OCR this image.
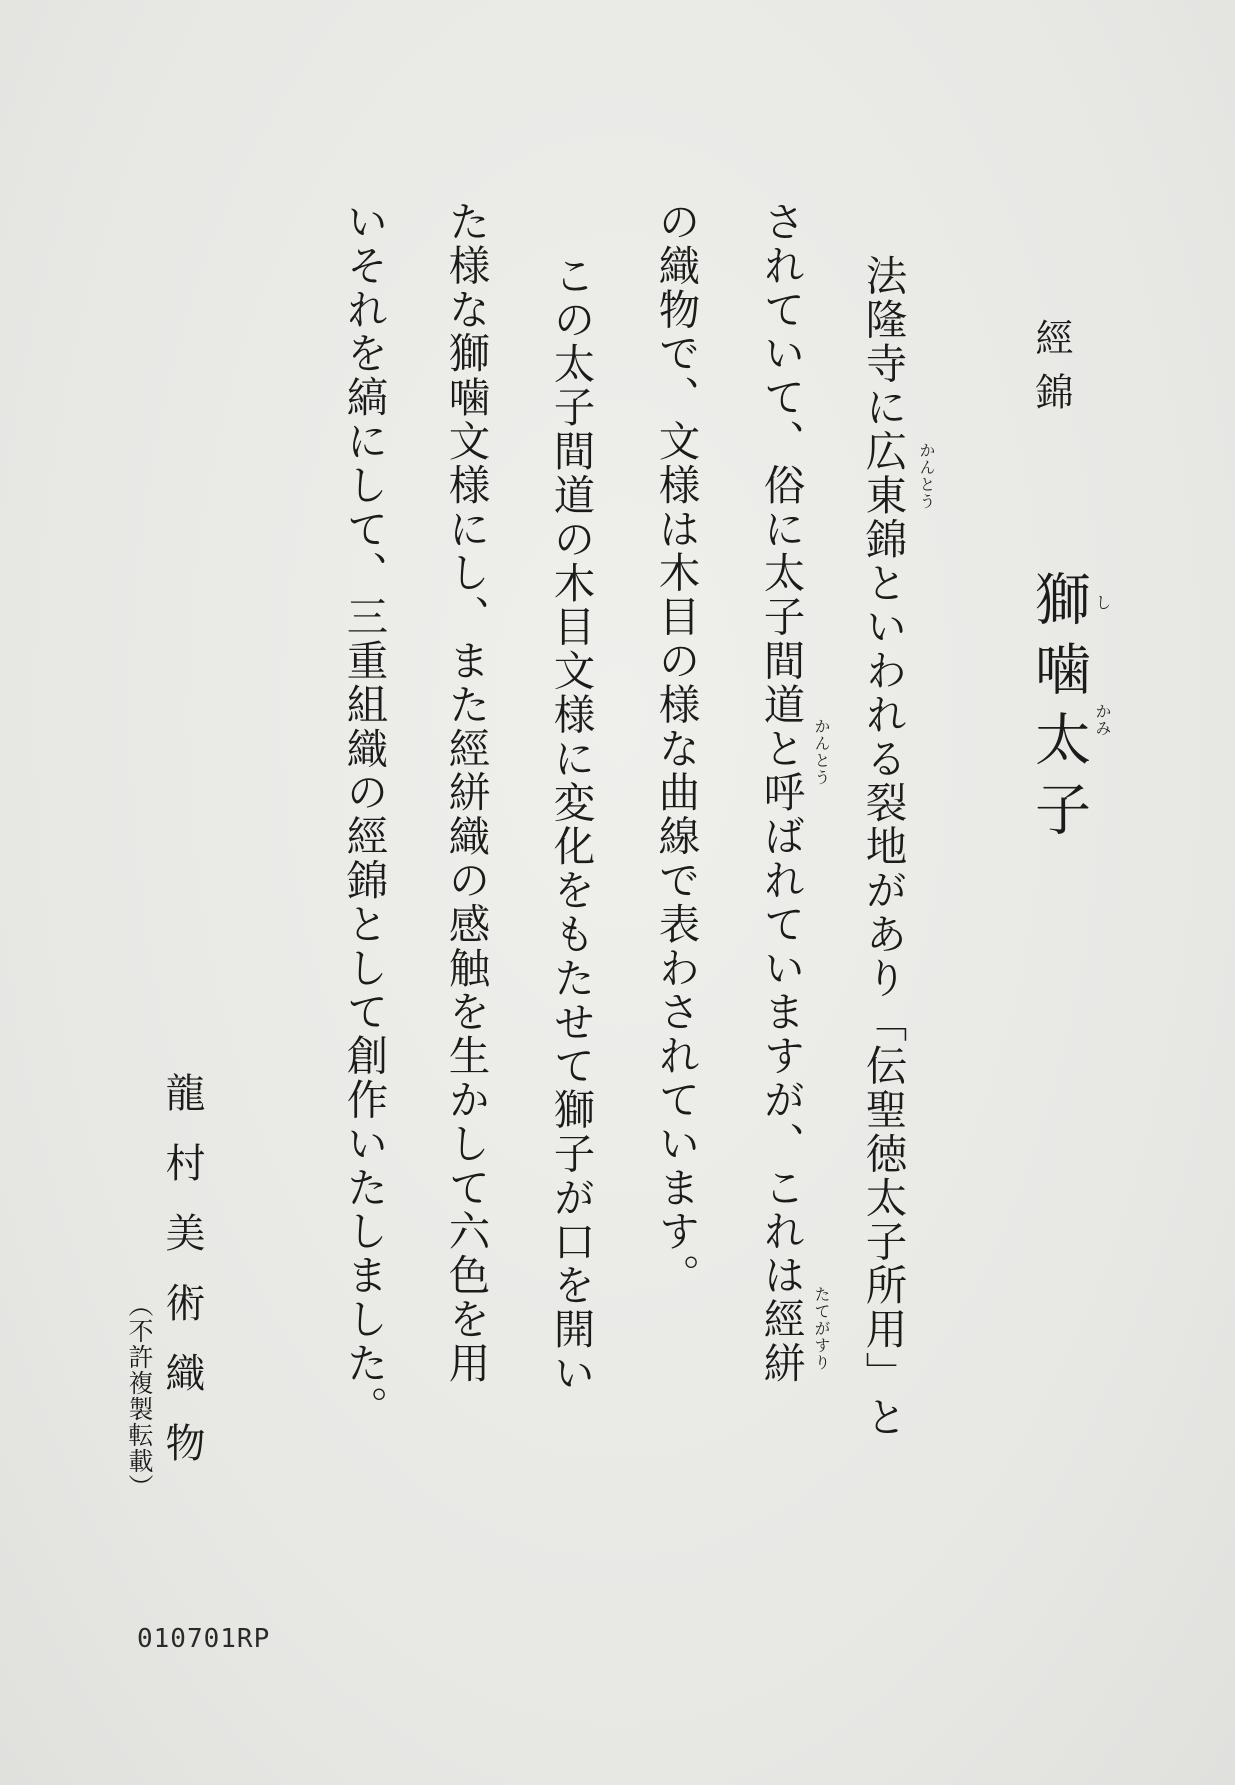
經錦
獅噛太子 し
かみ
法隆寺に広東錦といわれる裂地があり「伝聖徳太子所用」と かんとう
されていて、俗に太子間道と呼ばれていますが、これは經絣 かんとう
たてがすり
の織物で、文様は木目の様な曲線で表わされています。
この太子間道の木目文様に変化をもたせて獅子が口を開い
た様な獅噛文様にし、また經絣織の感触を生かして六色を用
いそれを縞にして、三重組織の經錦として創作いたしました。
龍村美術織物
（不許複製転載）
010701RP
